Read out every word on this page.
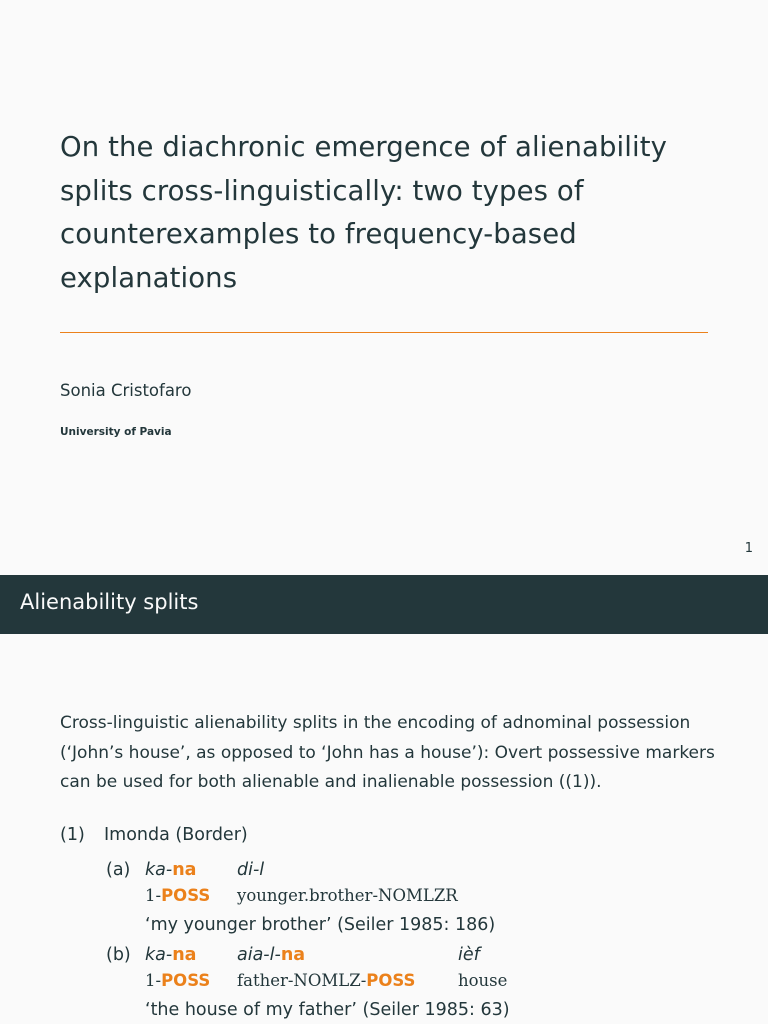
On the diachronic emergence of alienability splits cross-linguistically: two types of counterexamples to frequency-based explanations
Sonia Cristofaro
University of Pavia
1
Alienability splits

Cross-linguistic alienability splits in the encoding of adnominal possession (‘John’s house’, as opposed to ‘John has a house’): Overt possessive markers can be used for both alienable and inalienable possession ((1)).

(1) Imonda (Border)
(a) ka-na di-l
1-POSS younger.brother-NOMLZR
‘my younger brother’ (Seiler 1985: 186)
(b) ka-na aia-l-na	ièf
1-POSS father-NOMLZ-POSS	house
‘the house of my father’ (Seiler 1985: 63)
